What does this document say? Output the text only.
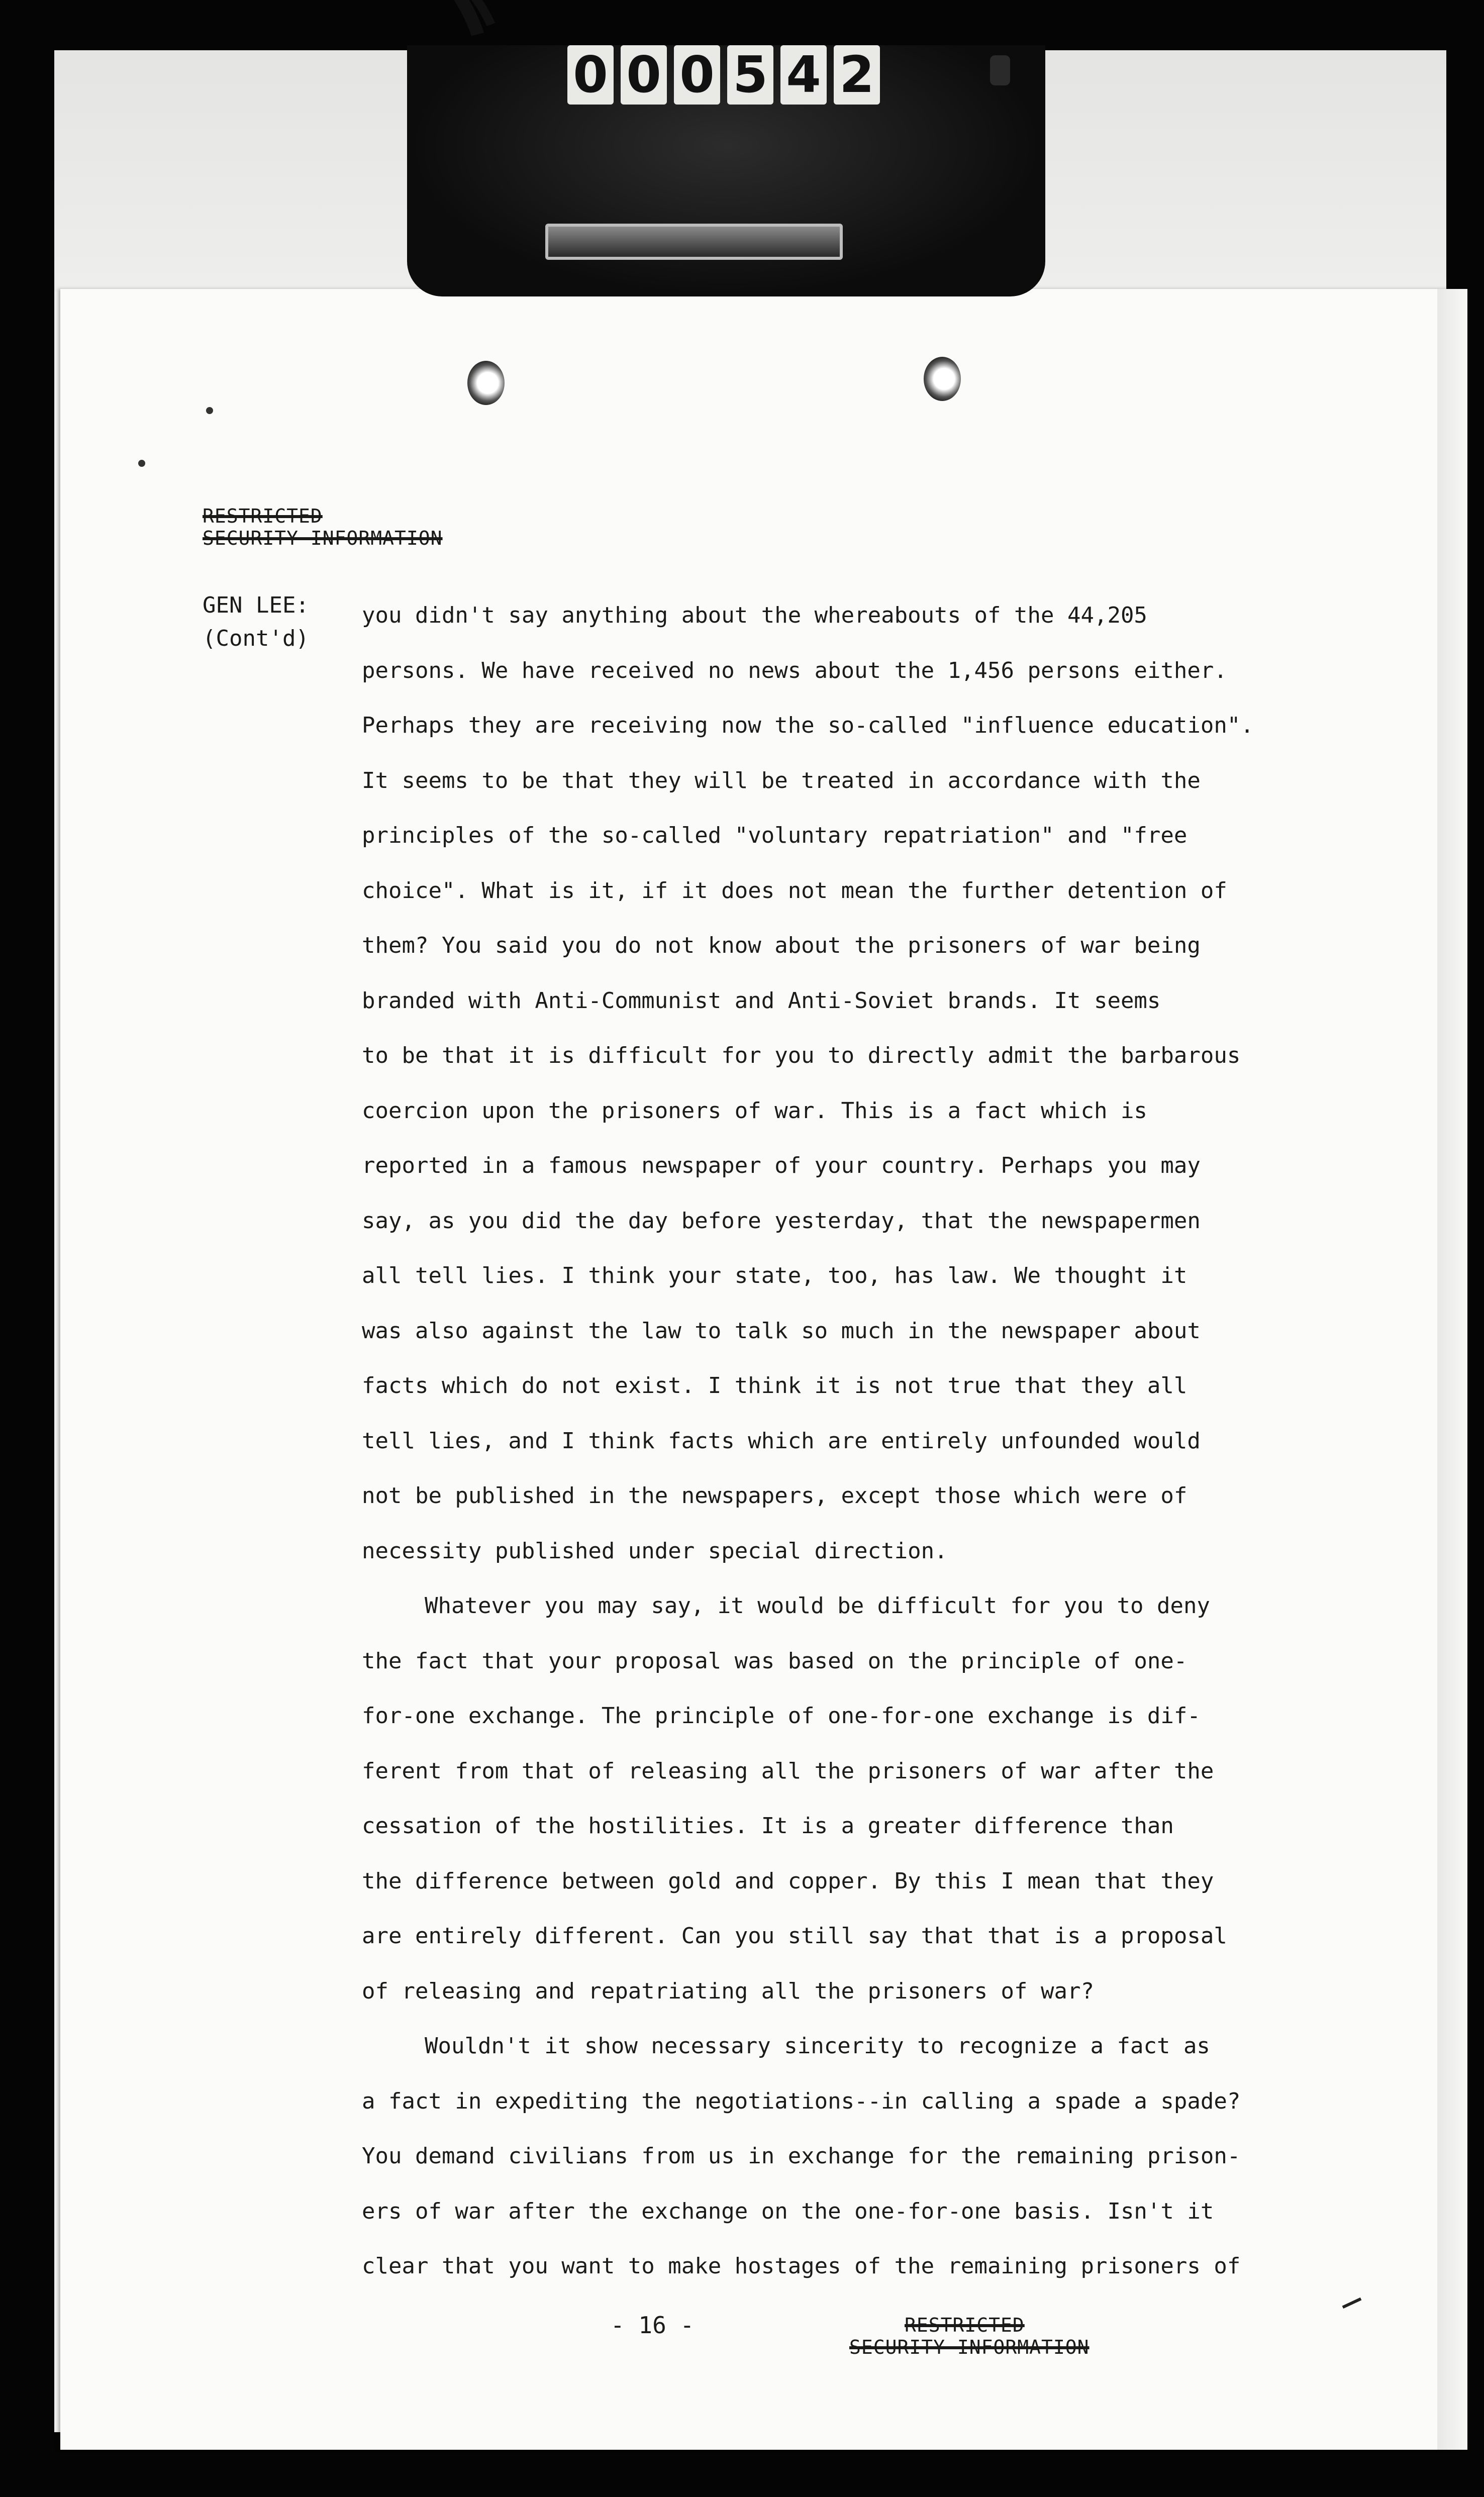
0 0 0 5 4 2
RESTRICTED
SECURITY INFORMATION
GEN LEE:
(Cont'd)
you didn't say anything about the whereabouts of the 44,205
persons. We have received no news about the 1,456 persons either.
Perhaps they are receiving now the so-called "influence education".
It seems to be that they will be treated in accordance with the
principles of the so-called "voluntary repatriation" and "free
choice". What is it, if it does not mean the further detention of
them? You said you do not know about the prisoners of war being
branded with Anti-Communist and Anti-Soviet brands. It seems
to be that it is difficult for you to directly admit the barbarous
coercion upon the prisoners of war. This is a fact which is
reported in a famous newspaper of your country. Perhaps you may
say, as you did the day before yesterday, that the newspapermen
all tell lies. I think your state, too, has law. We thought it
was also against the law to talk so much in the newspaper about
facts which do not exist. I think it is not true that they all
tell lies, and I think facts which are entirely unfounded would
not be published in the newspapers, except those which were of
necessity published under special direction.
Whatever you may say, it would be difficult for you to deny
the fact that your proposal was based on the principle of one-
for-one exchange. The principle of one-for-one exchange is dif-
ferent from that of releasing all the prisoners of war after the
cessation of the hostilities. It is a greater difference than
the difference between gold and copper. By this I mean that they
are entirely different. Can you still say that that is a proposal
of releasing and repatriating all the prisoners of war?
Wouldn't it show necessary sincerity to recognize a fact as
a fact in expediting the negotiations--in calling a spade a spade?
You demand civilians from us in exchange for the remaining prison-
ers of war after the exchange on the one-for-one basis. Isn't it
clear that you want to make hostages of the remaining prisoners of
- 16 -	RESTRICTED
SECURITY INFORMATION
